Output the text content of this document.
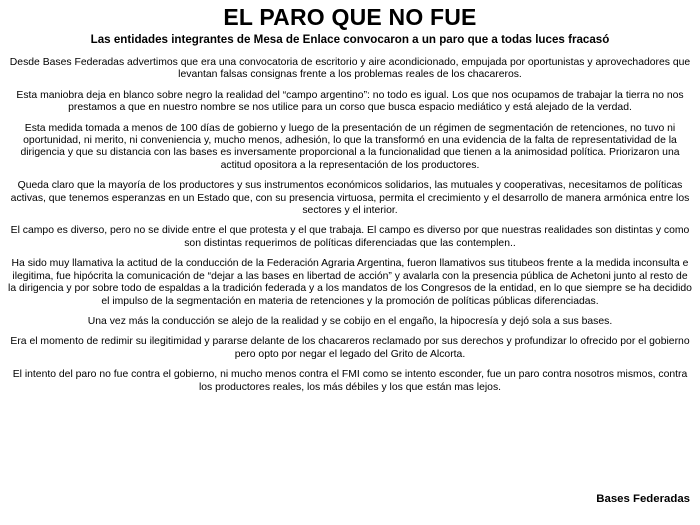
EL PARO QUE NO FUE
Las entidades integrantes de Mesa de Enlace convocaron a un paro que a todas luces fracasó

Desde Bases Federadas advertimos que era una convocatoria de escritorio y aire acondicionado, empujada por oportunistas y aprovechadores que levantan falsas consignas frente a los problemas reales de los chacareros.

Esta maniobra deja en blanco sobre negro la realidad del “campo argentino”: no todo es igual. Los que nos ocupamos de trabajar la tierra no nos prestamos a que en nuestro nombre se nos utilice para un corso que busca espacio mediático y está alejado de la verdad.

Esta medida tomada a menos de 100 días de gobierno y luego de la presentación de un régimen de segmentación de retenciones, no tuvo ni oportunidad, ni merito, ni conveniencia y, mucho menos, adhesión, lo que la transformó en una evidencia de la falta de representatividad de la dirigencia y que su distancia con las bases es inversamente proporcional a la funcionalidad que tienen a la animosidad política. Priorizaron una actitud opositora a la representación de los productores.

Queda claro que la mayoría de los productores y sus instrumentos económicos solidarios, las mutuales y cooperativas, necesitamos de políticas activas, que tenemos esperanzas en un Estado que, con su presencia virtuosa, permita el crecimiento y el desarrollo de manera armónica entre los sectores y el interior.

El campo es diverso, pero no se divide entre el que protesta y el que trabaja. El campo es diverso por que nuestras realidades son distintas y como son distintas requerimos de políticas diferenciadas que las contemplen..

Ha sido muy llamativa la actitud de la conducción de la Federación Agraria Argentina, fueron llamativos sus titubeos frente a la medida inconsulta e ilegitima, fue hipócrita la comunicación de “dejar a las bases en libertad de acción” y avalarla con la presencia pública de Achetoni junto al resto de la dirigencia y por sobre todo de espaldas a la tradición federada y a los mandatos de los Congresos de la entidad, en lo que siempre se ha decidido el impulso de la segmentación en materia de retenciones y la promoción de políticas públicas diferenciadas.

Una vez más la conducción se alejo de la realidad y se cobijo en el engaño, la hipocresía y dejó sola a sus bases.

Era el momento de redimir su ilegitimidad y pararse delante de los chacareros reclamado por sus derechos y profundizar lo ofrecido por el gobierno pero opto por negar el legado del Grito de Alcorta.

El intento del paro no fue contra el gobierno, ni mucho menos contra el FMI como se intento esconder, fue un paro contra nosotros mismos, contra los productores reales, los más débiles y los que están mas lejos.

Bases Federadas
